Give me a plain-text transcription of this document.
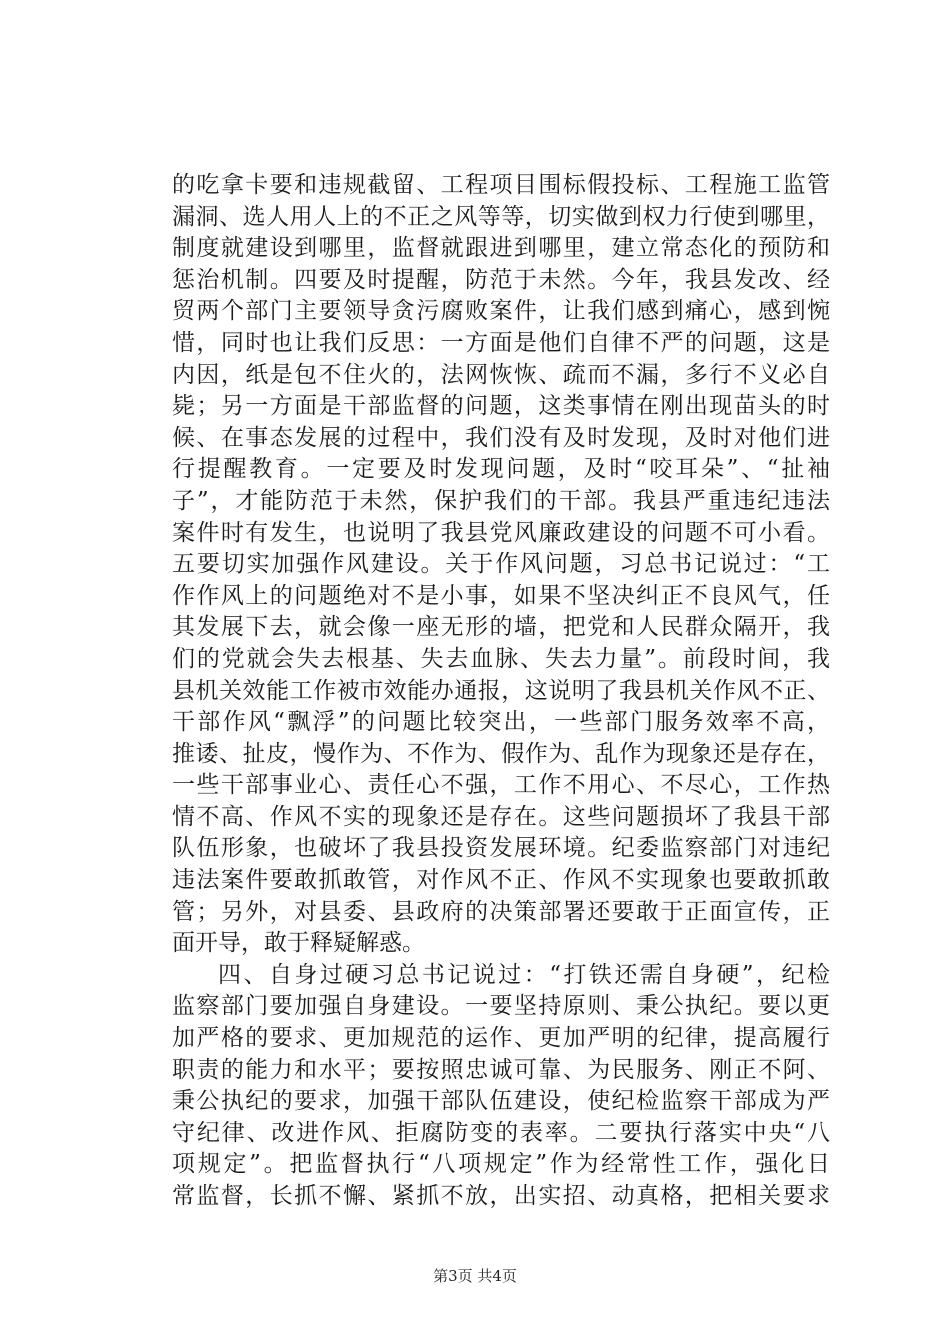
的吃拿卡要和违规截留、工程项目围标假投标、工程施工监管
漏洞、选人用人上的不正之风等等，切实做到权力行使到哪里，
制度就建设到哪里，监督就跟进到哪里，建立常态化的预防和
惩治机制。四要及时提醒，防范于未然。今年，我县发改、经
贸两个部门主要领导贪污腐败案件，让我们感到痛心，感到惋
惜，同时也让我们反思：一方面是他们自律不严的问题，这是
内因，纸是包不住火的，法网恢恢、疏而不漏，多行不义必自
毙；另一方面是干部监督的问题，这类事情在刚出现苗头的时
候、在事态发展的过程中，我们没有及时发现，及时对他们进
行提醒教育。一定要及时发现问题，及时“咬耳朵”、“扯袖
子”，才能防范于未然，保护我们的干部。我县严重违纪违法
案件时有发生，也说明了我县党风廉政建设的问题不可小看。
五要切实加强作风建设。关于作风问题，习总书记说过：“工
作作风上的问题绝对不是小事，如果不坚决纠正不良风气，任
其发展下去，就会像一座无形的墙，把党和人民群众隔开，我
们的党就会失去根基、失去血脉、失去力量”。前段时间，我
县机关效能工作被市效能办通报，这说明了我县机关作风不正、
干部作风“飘浮”的问题比较突出，一些部门服务效率不高，
推诿、扯皮，慢作为、不作为、假作为、乱作为现象还是存在，
一些干部事业心、责任心不强，工作不用心、不尽心，工作热
情不高、作风不实的现象还是存在。这些问题损坏了我县干部
队伍形象，也破坏了我县投资发展环境。纪委监察部门对违纪
违法案件要敢抓敢管，对作风不正、作风不实现象也要敢抓敢
管；另外，对县委、县政府的决策部署还要敢于正面宣传，正
面开导，敢于释疑解惑。
四、自身过硬习总书记说过：“打铁还需自身硬”，纪检
监察部门要加强自身建设。一要坚持原则、秉公执纪。要以更
加严格的要求、更加规范的运作、更加严明的纪律，提高履行
职责的能力和水平；要按照忠诚可靠、为民服务、刚正不阿、
秉公执纪的要求，加强干部队伍建设，使纪检监察干部成为严
守纪律、改进作风、拒腐防变的表率。二要执行落实中央“八
项规定”。把监督执行“八项规定”作为经常性工作，强化日
常监督，长抓不懈、紧抓不放，出实招、动真格，把相关要求
第3页 共4页
